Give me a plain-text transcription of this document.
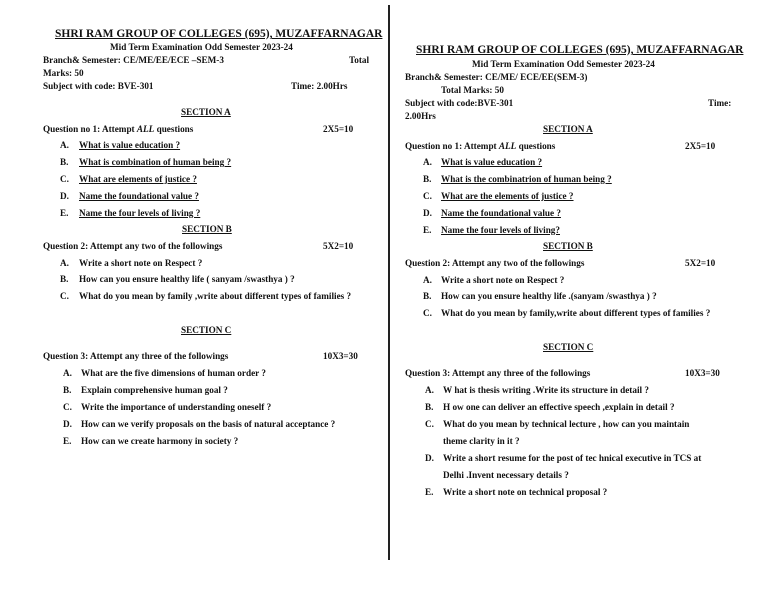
SHRI RAM GROUP OF COLLEGES (695), MUZAFFARNAGAR
Mid Term Examination Odd Semester 2023-24
Branch& Semester: CE/ME/EE/ECE –SEM-3	Total
Marks: 50
Subject with code: BVE-301	Time: 2.00Hrs
SECTION A
Question no 1: Attempt ALL questions	2X5=10
A. What is value education ?
B. What is combination of human being ?
C. What are elements of justice ?
D. Name the foundational value ?
E. Name the four levels of living ?
SECTION B
Question 2: Attempt any two of the followings	5X2=10
A. Write a short note on Respect ?
B. How can you ensure healthy life ( sanyam /swasthya ) ?
C. What do you mean by family ,write about different types of families ?
SECTION C
Question 3: Attempt any three of the followings	10X3=30
A. What are the five dimensions of human order ?
B. Explain comprehensive human goal ?
C. Write the importance of understanding oneself ?
D. How can we verify proposals on the basis of natural acceptance ?
E. How can we create harmony in society ?
SHRI RAM GROUP OF COLLEGES (695), MUZAFFARNAGAR
Mid Term Examination Odd Semester 2023-24
Branch& Semester: CE/ME/ ECE/EE(SEM-3)
Total Marks: 50
Subject with code:BVE-301	Time:
2.00Hrs
SECTION A
Question no 1: Attempt ALL questions	2X5=10
A. What is value education ?
B. What is the combinatrion of human being ?
C. What are the elements of justice ?
D. Name the foundational value ?
E. Name the four levels of living?
SECTION B
Question 2: Attempt any two of the followings	5X2=10
A. Write a short note on Respect ?
B. How can you ensure healthy life .(sanyam /swasthya ) ?
C. What do you mean by family,write about different types of families ?
SECTION C
Question 3: Attempt any three of the followings	10X3=30
A. W hat is thesis writing .Write its structure in detail ?
B. H ow one can deliver an effective speech ,explain in detail ?
C. What do you mean by technical lecture , how can you maintain
theme clarity in it ?
D. Write a short resume for the post of tec hnical executive in TCS at
Delhi .Invent necessary details ?
E. Write a short note on technical proposal ?
